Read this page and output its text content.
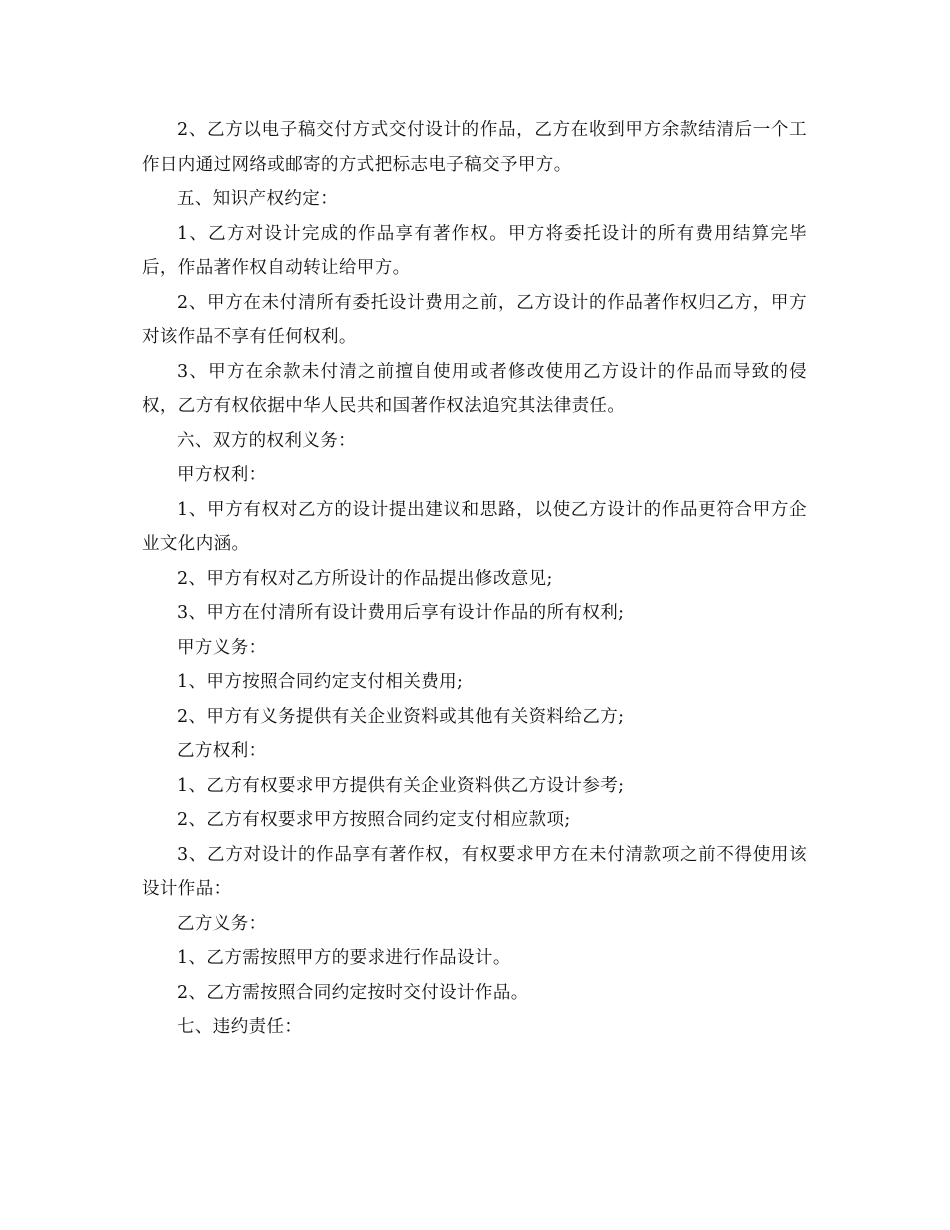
2、乙方以电子稿交付方式交付设计的作品，乙方在收到甲方余款结清后一个工作日内通过网络或邮寄的方式把标志电子稿交予甲方。

五、知识产权约定：

1、乙方对设计完成的作品享有著作权。甲方将委托设计的所有费用结算完毕后，作品著作权自动转让给甲方。

2、甲方在未付清所有委托设计费用之前，乙方设计的作品著作权归乙方，甲方对该作品不享有任何权利。

3、甲方在余款未付清之前擅自使用或者修改使用乙方设计的作品而导致的侵权，乙方有权依据中华人民共和国著作权法追究其法律责任。

六、双方的权利义务：

甲方权利：

1、甲方有权对乙方的设计提出建议和思路，以使乙方设计的作品更符合甲方企业文化内涵。

2、甲方有权对乙方所设计的作品提出修改意见;

3、甲方在付清所有设计费用后享有设计作品的所有权利;

甲方义务：

1、甲方按照合同约定支付相关费用;

2、甲方有义务提供有关企业资料或其他有关资料给乙方;

乙方权利：

1、乙方有权要求甲方提供有关企业资料供乙方设计参考;

2、乙方有权要求甲方按照合同约定支付相应款项;

3、乙方对设计的作品享有著作权，有权要求甲方在未付清款项之前不得使用该设计作品：

乙方义务：

1、乙方需按照甲方的要求进行作品设计。

2、乙方需按照合同约定按时交付设计作品。

七、违约责任：
